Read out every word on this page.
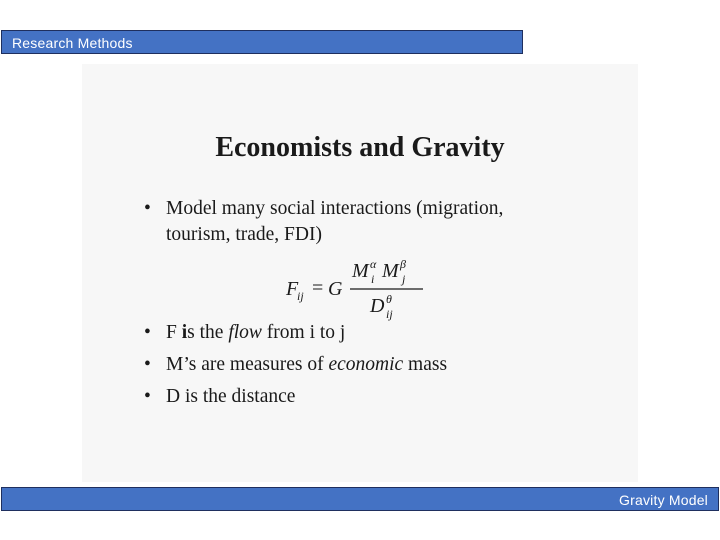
Research Methods
Economists and Gravity
• Model many social interactions (migration,
tourism, trade, FDI)
F
ij = G
M α
i M β
j
D θ
ij
• F is the flow from i to j
• M’s are measures of economic mass
• D is the distance
Gravity Model
